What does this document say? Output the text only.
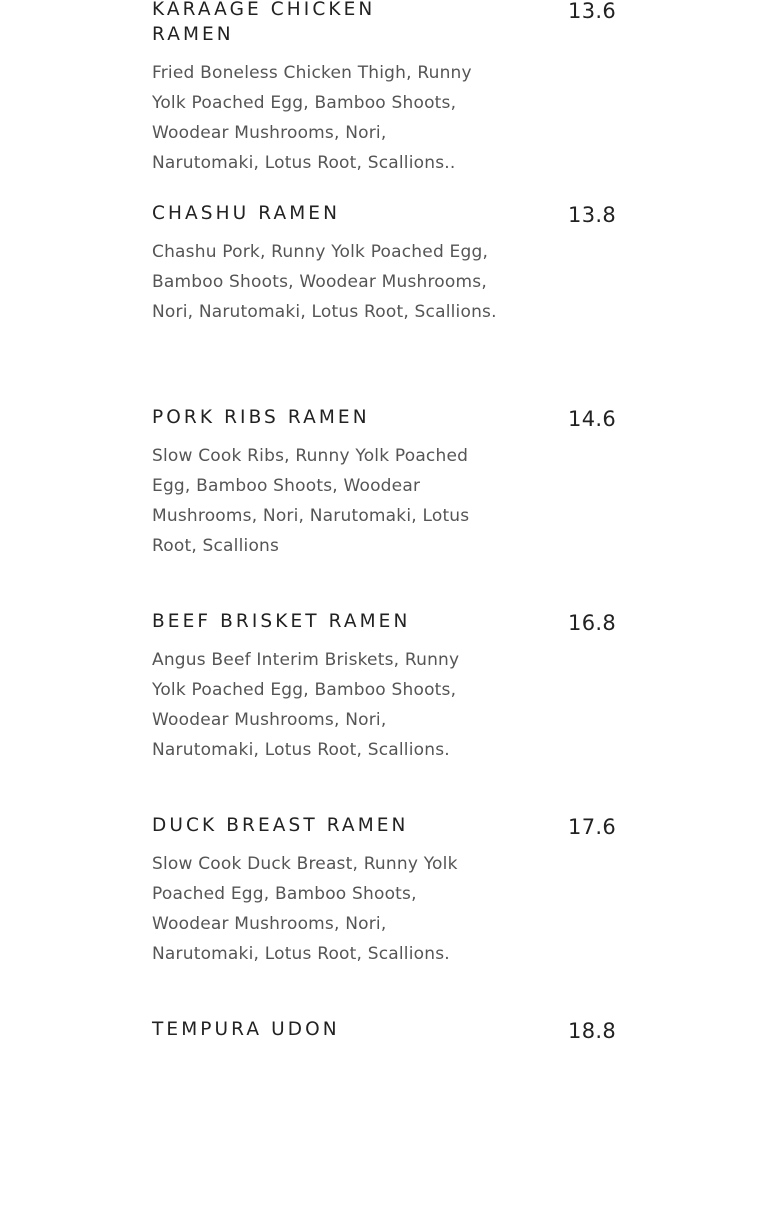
KARAAGE CHICKEN RAMEN
13.6

Fried Boneless Chicken Thigh, Runny Yolk Poached Egg, Bamboo Shoots, Woodear Mushrooms, Nori, Narutomaki, Lotus Root, Scallions..

CHASHU RAMEN	13.8

Chashu Pork, Runny Yolk Poached Egg, Bamboo Shoots, Woodear Mushrooms, Nori, Narutomaki, Lotus Root, Scallions.

PORK RIBS RAMEN	14.6

Slow Cook Ribs, Runny Yolk Poached Egg, Bamboo Shoots, Woodear Mushrooms, Nori, Narutomaki, Lotus Root, Scallions

BEEF BRISKET RAMEN	16.8

Angus Beef Interim Briskets, Runny Yolk Poached Egg, Bamboo Shoots, Woodear Mushrooms, Nori, Narutomaki, Lotus Root, Scallions.

DUCK BREAST RAMEN	17.6

Slow Cook Duck Breast, Runny Yolk Poached Egg, Bamboo Shoots, Woodear Mushrooms, Nori, Narutomaki, Lotus Root, Scallions.

TEMPURA UDON	18.8
